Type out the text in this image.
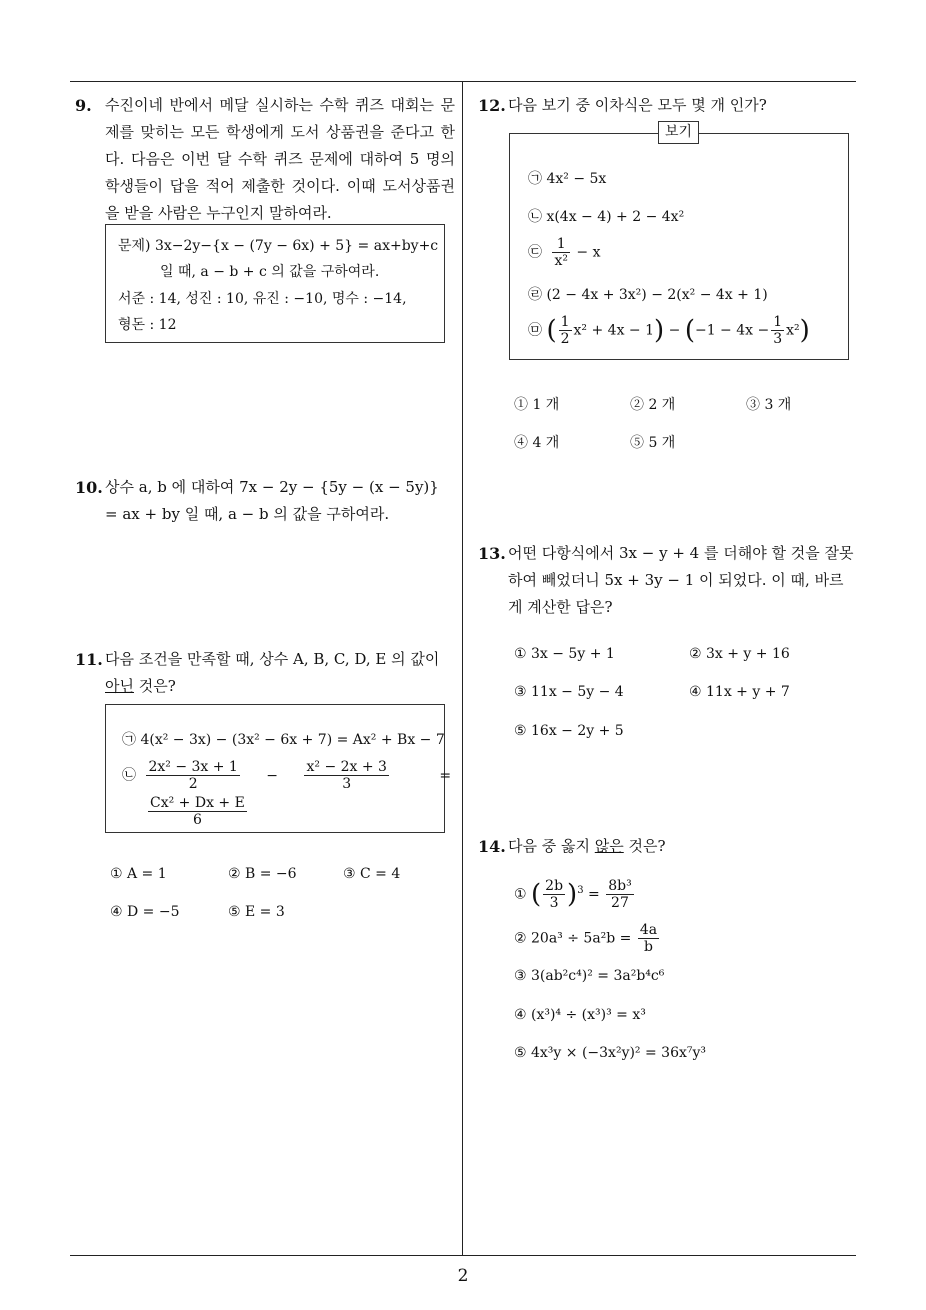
2
9. 수진이네 반에서 메달 실시하는 수학 퀴즈 대회는 문제를 맞히는 모든 학생에게 도서 상품권을 준다고 한다. 다음은 이번 달 수학 퀴즈 문제에 대하여 5 명의 학생들이 답을 적어 제출한 것이다. 이때 도서상품권을 받을 사람은 누구인지 말하여라.
문제) 3x−2y−{x − (7y − 6x) + 5} = ax+by+c
일 때, a − b + c 의 값을 구하여라.
서준 : 14, 성진 : 10, 유진 : −10, 명수 : −14,
형돈 : 12
10. 상수 a, b 에 대하여 7x − 2y − {5y − (x − 5y)} = ax + by 일 때, a − b 의 값을 구하여라.
11. 다음 조건을 만족할 때, 상수 A, B, C, D, E 의 값이 아닌 것은?
㉠ 4(x² − 3x) − (3x² − 6x + 7) = Ax² + Bx − 7
㉡ $\frac{\text{2x² − 3x + 1}}{2} - \frac{\text{x² − 2x + 3}}{3}$	=
$\frac{\text{Cx² + Dx + E}}{6}$
① A = 1	② B = −6	③ C = 4
④ D = −5	⑤ E = 3
12. 다음 보기 중 이차식은 모두 몇 개 인가?
㉠ 4x² − 5x
㉡ x(4x − 4) + 2 − 4x²
㉢ $\frac{1}{\text{x²}} - x$
㉣ (2 − 4x + 3x²) − 2(x² − 4x + 1)
㉤ ( $\frac{1}{2} x^2 + 4x - 1) - (-1 - 4x - \frac{1}{3} x^2)$
보기
① 1 개	② 2 개	③ 3 개
④ 4 개	⑤ 5 개
13. 어떤 다항식에서 3x − y + 4 를 더해야 할 것을 잘못하여 빼었더니 5x + 3y − 1 이 되었다. 이 때, 바르게 계산한 답은?
① 3x − 5y + 1	② 3x + y + 16
③ 11x − 5y − 4	④ 11x + y + 7
⑤ 16x − 2y + 5
14. 다음 중 옳지 않은 것은?
① ( $\frac{2b}{3} )^3 = \frac{\text{8b³}}{27}$
② $20a^3 \div 5a^2b = \frac{4a}{b}$
③ 3(ab²c⁴)² = 3a²b⁴c⁶
④ (x³)⁴ ÷ (x³)³ = x³
⑤ 4x³y × (−3x²y)² = 36x⁷y³
